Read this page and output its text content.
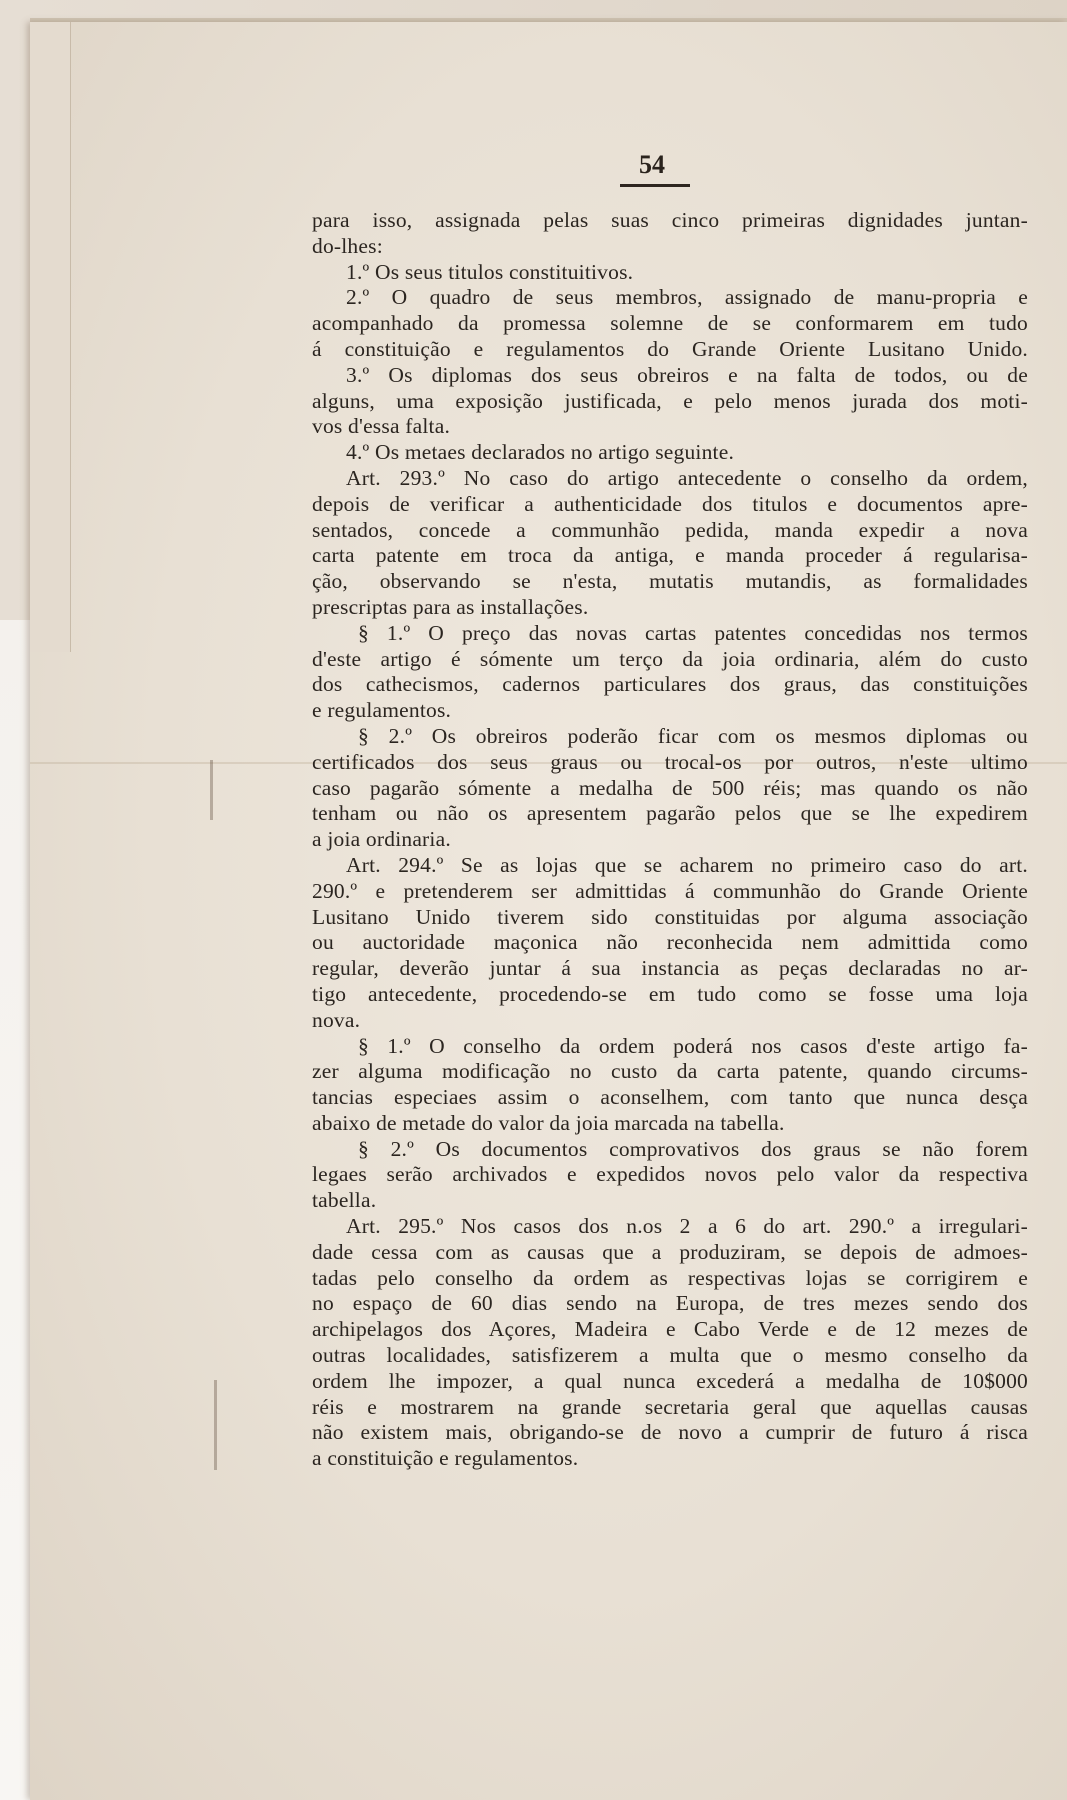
54
para isso, assignada pelas suas cinco primeiras dignidades juntan-
do-lhes:
1.º Os seus titulos constituitivos.
2.º O quadro de seus membros, assignado de manu-propria e
acompanhado da promessa solemne de se conformarem em tudo
á constituição e regulamentos do Grande Oriente Lusitano Unido.
3.º Os diplomas dos seus obreiros e na falta de todos, ou de
alguns, uma exposição justificada, e pelo menos jurada dos moti-
vos d'essa falta.
4.º Os metaes declarados no artigo seguinte.
Art. 293.º No caso do artigo antecedente o conselho da ordem,
depois de verificar a authenticidade dos titulos e documentos apre-
sentados, concede a communhão pedida, manda expedir a nova
carta patente em troca da antiga, e manda proceder á regularisa-
ção, observando se n'esta, mutatis mutandis, as formalidades
prescriptas para as installações.
§ 1.º O preço das novas cartas patentes concedidas nos termos
d'este artigo é sómente um terço da joia ordinaria, além do custo
dos cathecismos, cadernos particulares dos graus, das constituições
e regulamentos.
§ 2.º Os obreiros poderão ficar com os mesmos diplomas ou
certificados dos seus graus ou trocal-os por outros, n'este ultimo
caso pagarão sómente a medalha de 500 réis; mas quando os não
tenham ou não os apresentem pagarão pelos que se lhe expedirem
a joia ordinaria.
Art. 294.º Se as lojas que se acharem no primeiro caso do art.
290.º e pretenderem ser admittidas á communhão do Grande Oriente
Lusitano Unido tiverem sido constituidas por alguma associação
ou auctoridade maçonica não reconhecida nem admittida como
regular, deverão juntar á sua instancia as peças declaradas no ar-
tigo antecedente, procedendo-se em tudo como se fosse uma loja
nova.
§ 1.º O conselho da ordem poderá nos casos d'este artigo fa-
zer alguma modificação no custo da carta patente, quando circums-
tancias especiaes assim o aconselhem, com tanto que nunca desça
abaixo de metade do valor da joia marcada na tabella.
§ 2.º Os documentos comprovativos dos graus se não forem
legaes serão archivados e expedidos novos pelo valor da respectiva
tabella.
Art. 295.º Nos casos dos n.os 2 a 6 do art. 290.º a irregulari-
dade cessa com as causas que a produziram, se depois de admoes-
tadas pelo conselho da ordem as respectivas lojas se corrigirem e
no espaço de 60 dias sendo na Europa, de tres mezes sendo dos
archipelagos dos Açores, Madeira e Cabo Verde e de 12 mezes de
outras localidades, satisfizerem a multa que o mesmo conselho da
ordem lhe impozer, a qual nunca excederá a medalha de 10$000
réis e mostrarem na grande secretaria geral que aquellas causas
não existem mais, obrigando-se de novo a cumprir de futuro á risca
a constituição e regulamentos.
